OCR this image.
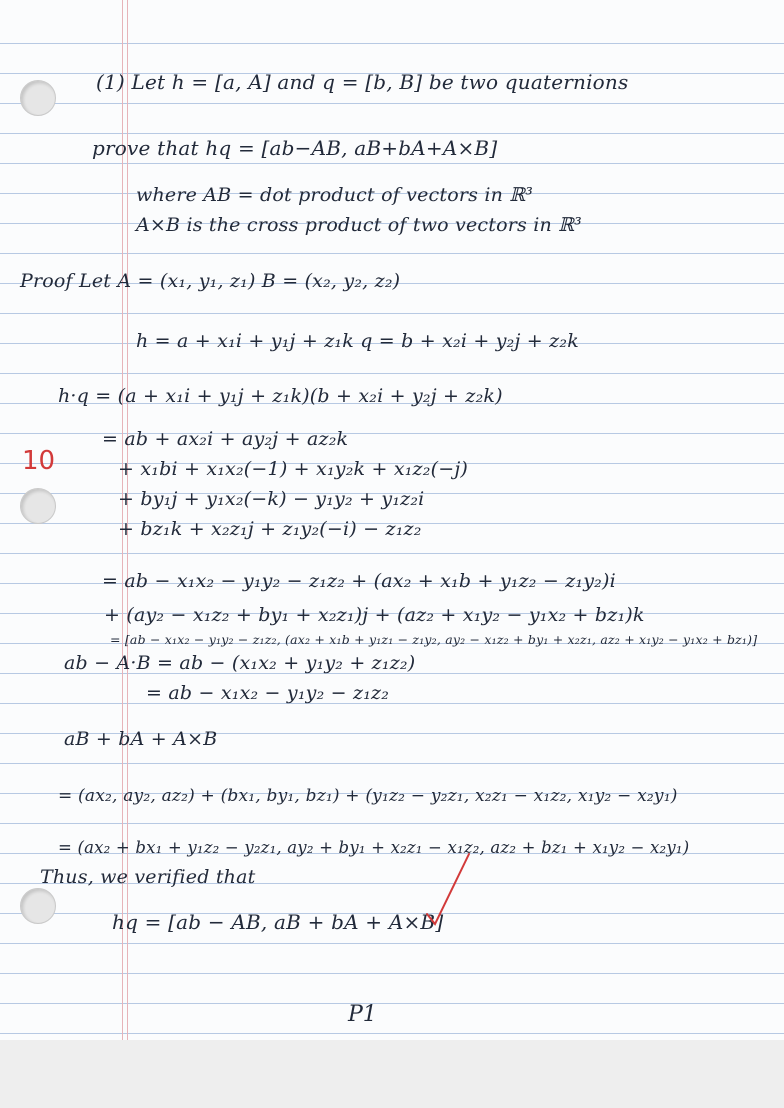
(1) Let h = [a, A] and q = [b, B] be two quaternions

prove that hq = [ab−AB, aB+bA+A×B]

where AB = dot product of vectors in ℝ³

A×B is the cross product of two vectors in ℝ³

Proof Let A = (x₁, y₁, z₁) B = (x₂, y₂, z₂)

h = a + x₁i + y₁j + z₁k q = b + x₂i + y₂j + z₂k

h·q = (a + x₁i + y₁j + z₁k)(b + x₂i + y₂j + z₂k)

= ab + ax₂i + ay₂j + az₂k

+ x₁bi + x₁x₂(−1) + x₁y₂k + x₁z₂(−j)

+ by₁j + y₁x₂(−k) − y₁y₂ + y₁z₂i

+ bz₁k + x₂z₁j + z₁y₂(−i) − z₁z₂

10

= ab − x₁x₂ − y₁y₂ − z₁z₂ + (ax₂ + x₁b + y₁z₂ − z₁y₂)i

+ (ay₂ − x₁z₂ + by₁ + x₂z₁)j + (az₂ + x₁y₂ − y₁x₂ + bz₁)k

= [ab − x₁x₂ − y₁y₂ − z₁z₂, (ax₂ + x₁b + y₁z₁ − z₁y₂, ay₂ − x₁z₂ + by₁ + x₂z₁, az₂ + x₁y₂ − y₁x₂ + bz₁)]

ab − A·B = ab − (x₁x₂ + y₁y₂ + z₁z₂)

= ab − x₁x₂ − y₁y₂ − z₁z₂

aB + bA + A×B

= (ax₂, ay₂, az₂) + (bx₁, by₁, bz₁) + (y₁z₂ − y₂z₁, x₂z₁ − x₁z₂, x₁y₂ − x₂y₁)

= (ax₂ + bx₁ + y₁z₂ − y₂z₁, ay₂ + by₁ + x₂z₁ − x₁z₂, az₂ + bz₁ + x₁y₂ − x₂y₁)

Thus, we verified that

hq = [ab − AB, aB + bA + A×B]

P1
